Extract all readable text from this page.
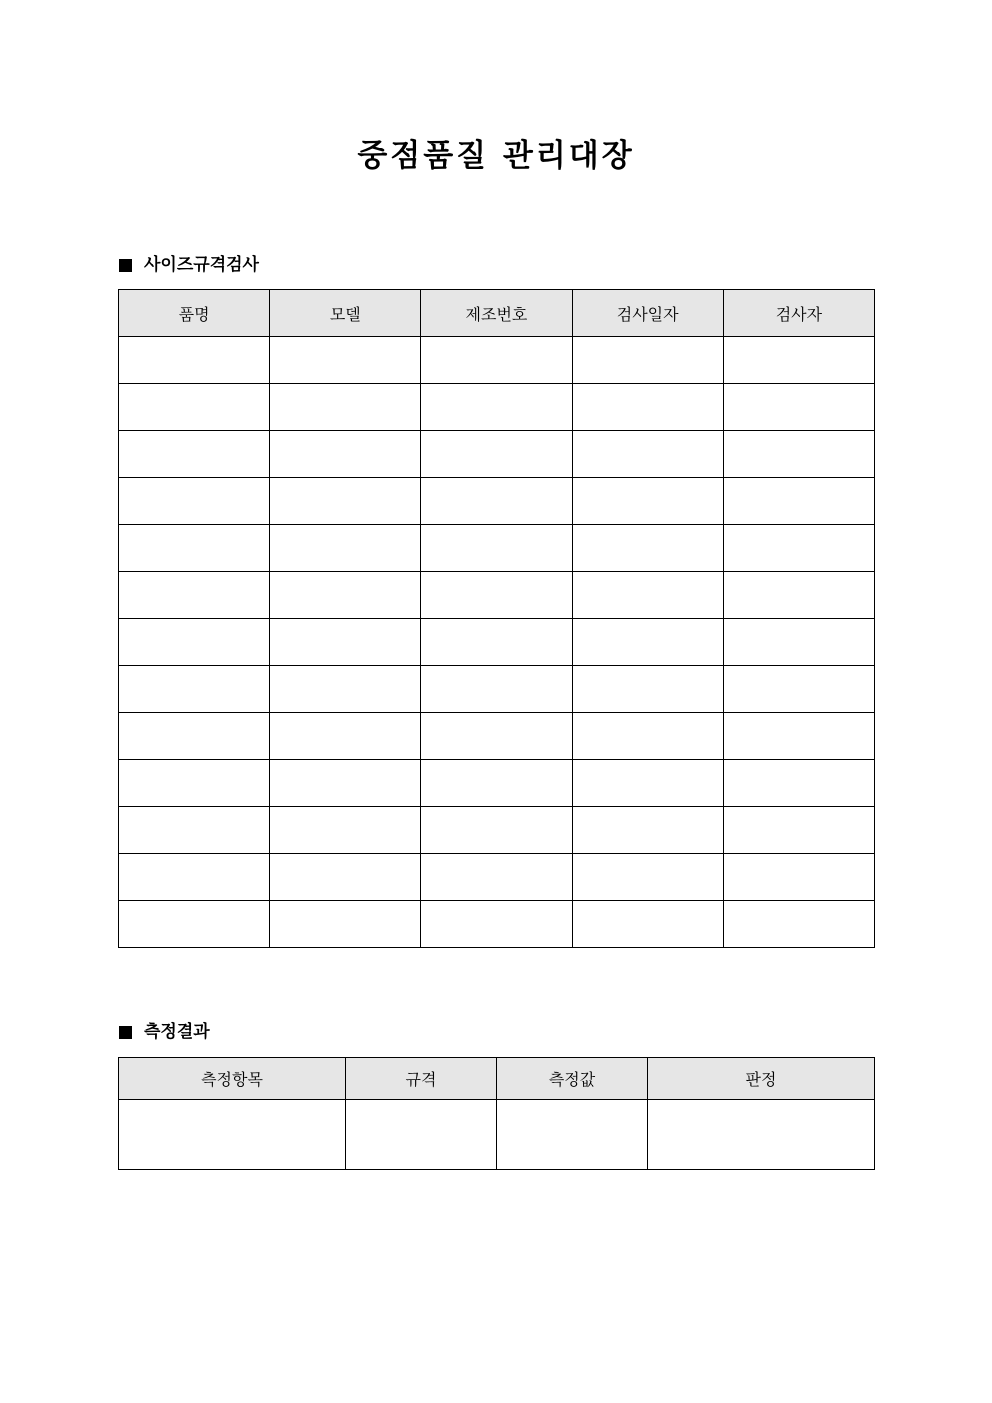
중점품질 관리대장
사이즈규격검사
품명	모델	제조번호	검사일자	검사자

측정결과
측정항목	규격	측정값	판정
